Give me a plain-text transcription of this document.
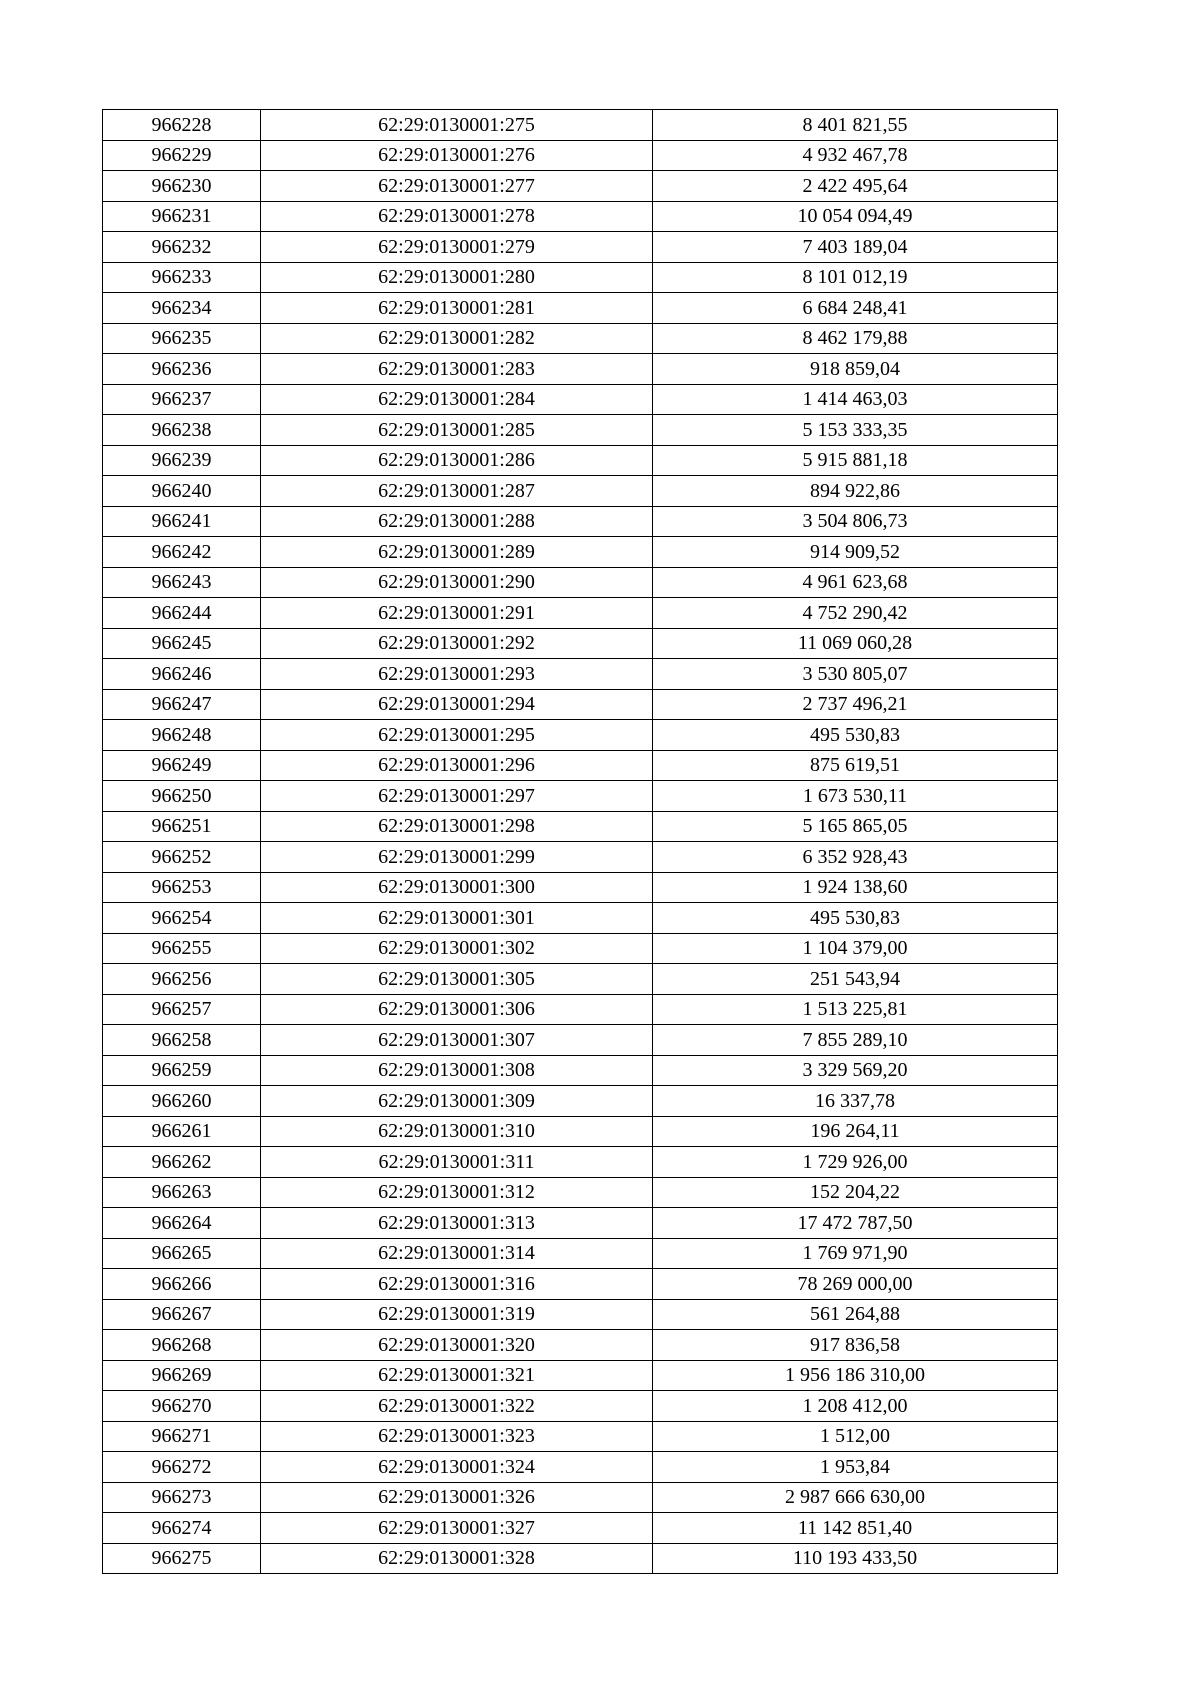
966228	62:29:0130001:275	8 401 821,55
966229	62:29:0130001:276	4 932 467,78
966230	62:29:0130001:277	2 422 495,64
966231	62:29:0130001:278	10 054 094,49
966232	62:29:0130001:279	7 403 189,04
966233	62:29:0130001:280	8 101 012,19
966234	62:29:0130001:281	6 684 248,41
966235	62:29:0130001:282	8 462 179,88
966236	62:29:0130001:283	918 859,04
966237	62:29:0130001:284	1 414 463,03
966238	62:29:0130001:285	5 153 333,35
966239	62:29:0130001:286	5 915 881,18
966240	62:29:0130001:287	894 922,86
966241	62:29:0130001:288	3 504 806,73
966242	62:29:0130001:289	914 909,52
966243	62:29:0130001:290	4 961 623,68
966244	62:29:0130001:291	4 752 290,42
966245	62:29:0130001:292	11 069 060,28
966246	62:29:0130001:293	3 530 805,07
966247	62:29:0130001:294	2 737 496,21
966248	62:29:0130001:295	495 530,83
966249	62:29:0130001:296	875 619,51
966250	62:29:0130001:297	1 673 530,11
966251	62:29:0130001:298	5 165 865,05
966252	62:29:0130001:299	6 352 928,43
966253	62:29:0130001:300	1 924 138,60
966254	62:29:0130001:301	495 530,83
966255	62:29:0130001:302	1 104 379,00
966256	62:29:0130001:305	251 543,94
966257	62:29:0130001:306	1 513 225,81
966258	62:29:0130001:307	7 855 289,10
966259	62:29:0130001:308	3 329 569,20
966260	62:29:0130001:309	16 337,78
966261	62:29:0130001:310	196 264,11
966262	62:29:0130001:311	1 729 926,00
966263	62:29:0130001:312	152 204,22
966264	62:29:0130001:313	17 472 787,50
966265	62:29:0130001:314	1 769 971,90
966266	62:29:0130001:316	78 269 000,00
966267	62:29:0130001:319	561 264,88
966268	62:29:0130001:320	917 836,58
966269	62:29:0130001:321	1 956 186 310,00
966270	62:29:0130001:322	1 208 412,00
966271	62:29:0130001:323	1 512,00
966272	62:29:0130001:324	1 953,84
966273	62:29:0130001:326	2 987 666 630,00
966274	62:29:0130001:327	11 142 851,40
966275	62:29:0130001:328	110 193 433,50
